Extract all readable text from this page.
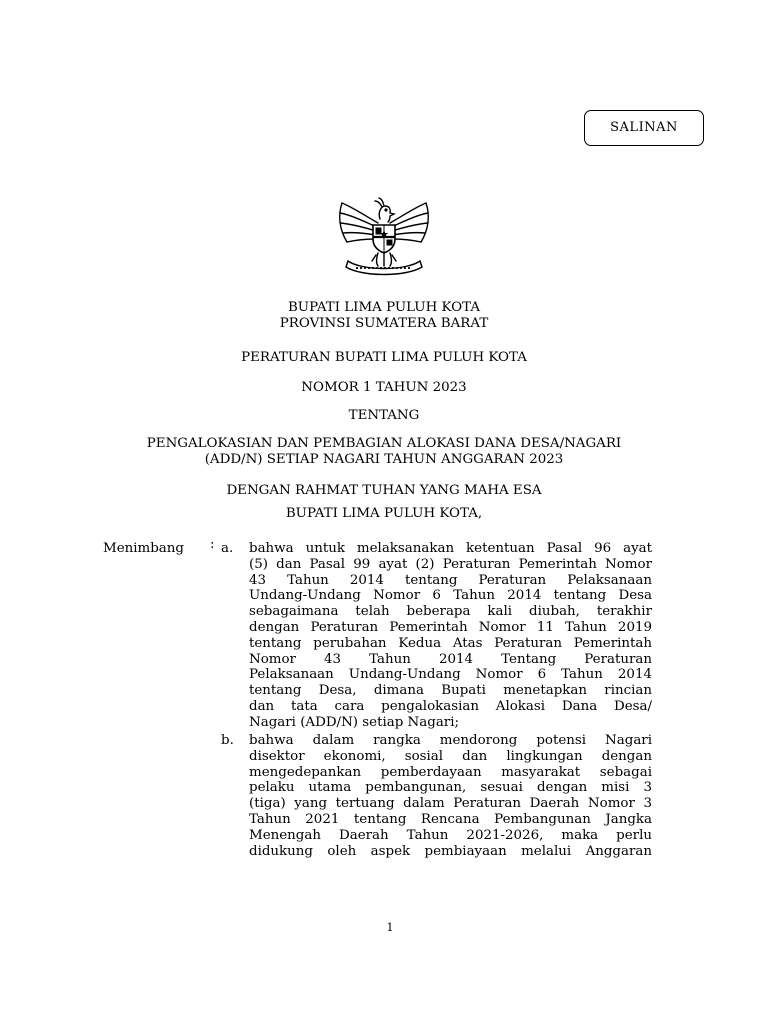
SALINAN
BUPATI LIMA PULUH KOTA
PROVINSI SUMATERA BARAT
PERATURAN BUPATI LIMA PULUH KOTA
NOMOR 1 TAHUN 2023
TENTANG
PENGALOKASIAN DAN PEMBAGIAN ALOKASI DANA DESA/NAGARI
(ADD/N) SETIAP NAGARI TAHUN ANGGARAN 2023
DENGAN RAHMAT TUHAN YANG MAHA ESA
BUPATI LIMA PULUH KOTA,
Menimbang : a. bahwa untuk melaksanakan ketentuan Pasal 96 ayat
(5) dan Pasal 99 ayat (2) Peraturan Pemerintah Nomor
43 Tahun 2014 tentang Peraturan Pelaksanaan
Undang-Undang Nomor 6 Tahun 2014 tentang Desa
sebagaimana telah beberapa kali diubah, terakhir
dengan Peraturan Pemerintah Nomor 11 Tahun 2019
tentang perubahan Kedua Atas Peraturan Pemerintah
Nomor 43 Tahun 2014 Tentang Peraturan
Pelaksanaan Undang-Undang Nomor 6 Tahun 2014
tentang Desa, dimana Bupati menetapkan rincian
dan tata cara pengalokasian Alokasi Dana Desa/
Nagari (ADD/N) setiap Nagari;
b. bahwa dalam rangka mendorong potensi Nagari
disektor ekonomi, sosial dan lingkungan dengan
mengedepankan pemberdayaan masyarakat sebagai
pelaku utama pembangunan, sesuai dengan misi 3
(tiga) yang tertuang dalam Peraturan Daerah Nomor 3
Tahun 2021 tentang Rencana Pembangunan Jangka
Menengah Daerah Tahun 2021-2026, maka perlu
didukung oleh aspek pembiayaan melalui Anggaran
1
